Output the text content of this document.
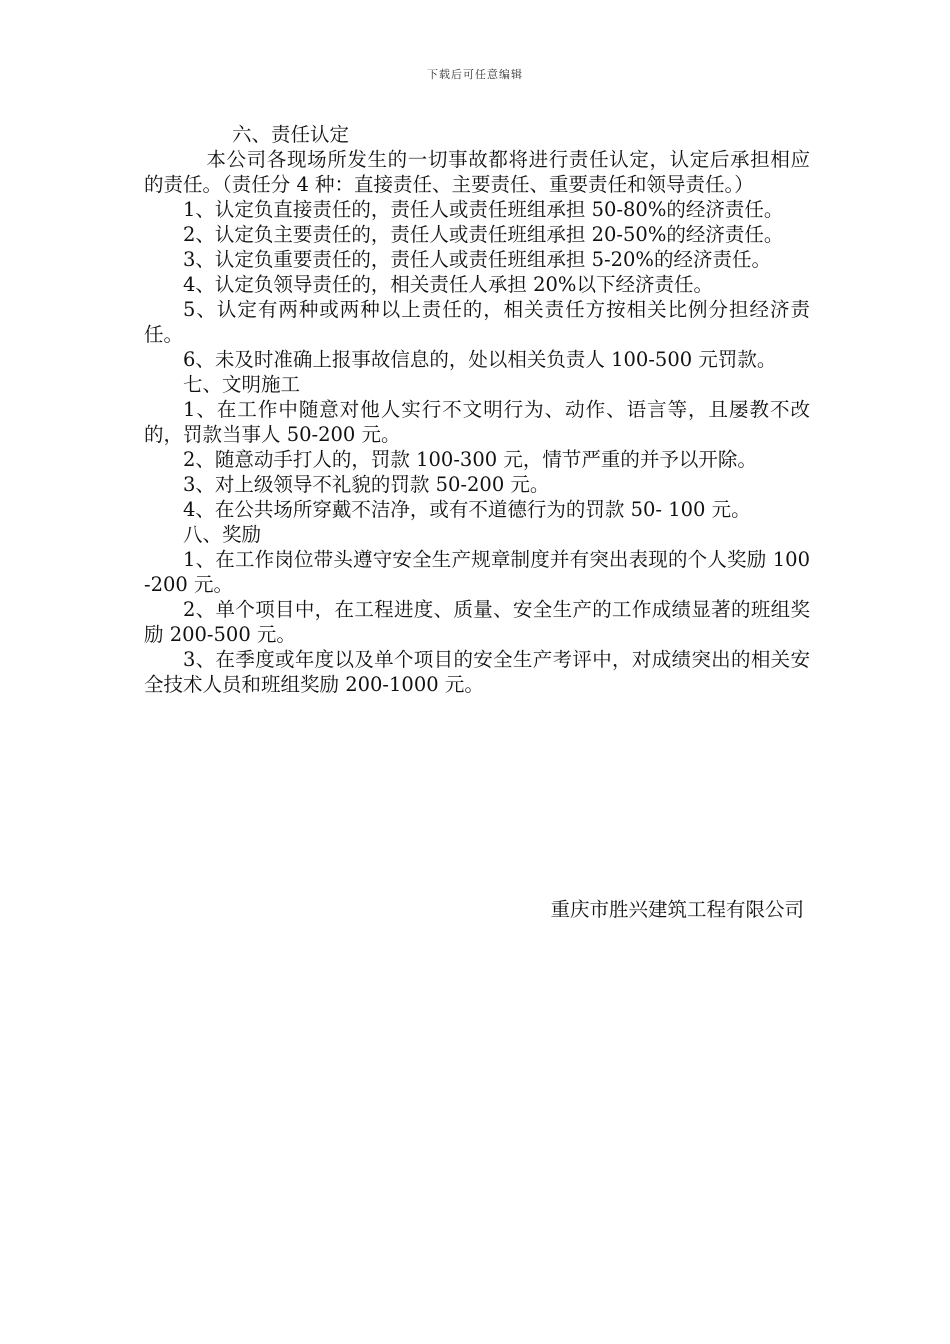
下载后可任意编辑

六、责任认定

本公司各现场所发生的一切事故都将进行责任认定，认定后承担相应的责任。（责任分 4 种：直接责任、主要责任、重要责任和领导责任。）

1、认定负直接责任的，责任人或责任班组承担 50-80%的经济责任。

2、认定负主要责任的，责任人或责任班组承担 20-50%的经济责任。

3、认定负重要责任的，责任人或责任班组承担 5-20%的经济责任。

4、认定负领导责任的，相关责任人承担 20%以下经济责任。

5、认定有两种或两种以上责任的，相关责任方按相关比例分担经济责任。

6、未及时准确上报事故信息的，处以相关负责人 100-500 元罚款。

七、文明施工

1、在工作中随意对他人实行不文明行为、动作、语言等，且屡教不改的，罚款当事人 50-200 元。

2、随意动手打人的，罚款 100-300 元，情节严重的并予以开除。

3、对上级领导不礼貌的罚款 50-200 元。

4、在公共场所穿戴不洁净，或有不道德行为的罚款 50- 100 元。

八、奖励

1、在工作岗位带头遵守安全生产规章制度并有突出表现的个人奖励 100-200 元。

2、单个项目中，在工程进度、质量、安全生产的工作成绩显著的班组奖励 200-500 元。

3、在季度或年度以及单个项目的安全生产考评中，对成绩突出的相关安全技术人员和班组奖励 200-1000 元。

重庆市胜兴建筑工程有限公司
